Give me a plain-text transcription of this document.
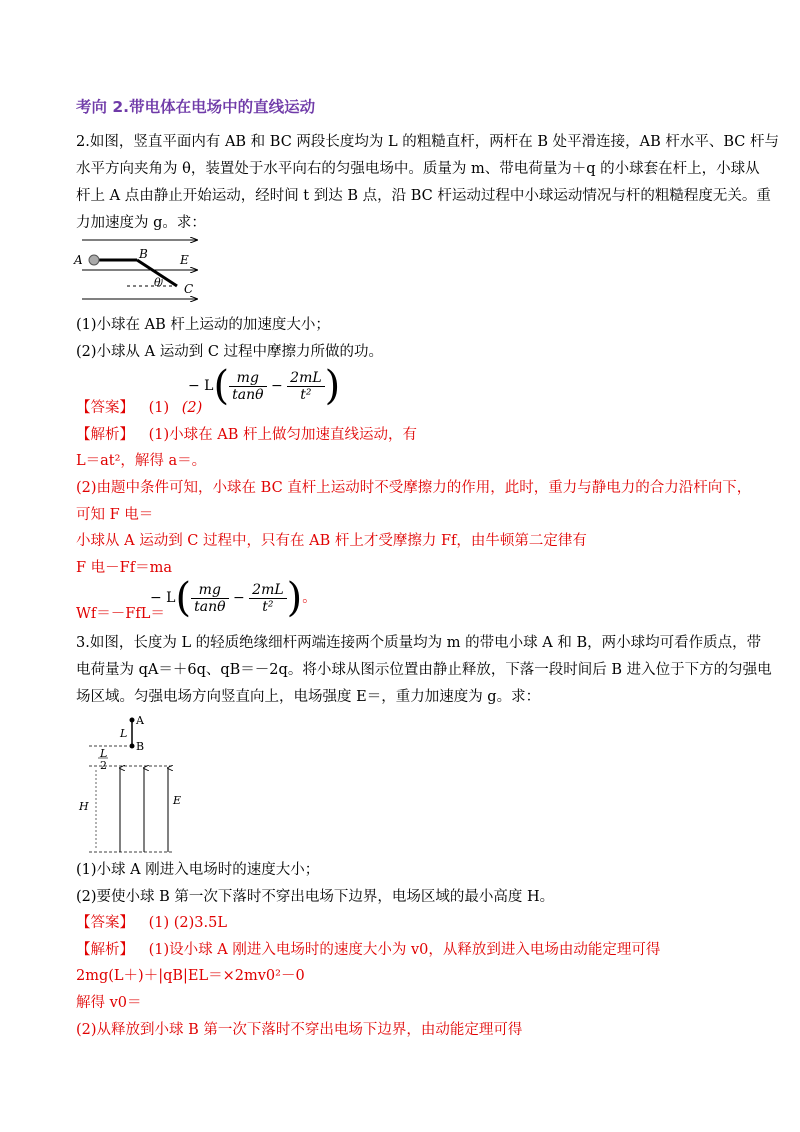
考向 2.带电体在电场中的直线运动
2.如图，竖直平面内有 AB 和 BC 两段长度均为 L 的粗糙直杆，两杆在 B 处平滑连接，AB 杆水平、BC 杆与
水平方向夹角为 θ，装置处于水平向右的匀强电场中。质量为 m、带电荷量为＋q 的小球套在杆上，小球从
杆上 A 点由静止开始运动，经时间 t 到达 B 点，沿 BC 杆运动过程中小球运动情况与杆的粗糙程度无关。重
力加速度为 g。求：
A	B	E
θ C
(1)小球在 AB 杆上运动的加速度大小；
(2)小球从 A 运动到 C 过程中摩擦力所做的功。
− $L( \frac{mg}{\tan\theta} - \frac{2mL}{\text{t²}}$ )
【答案】 (1) (2)
【解析】 (1)小球在 AB 杆上做匀加速直线运动，有
L＝at²，解得 a＝。
(2)由题中条件可知，小球在 BC 直杆上运动时不受摩擦力的作用，此时，重力与静电力的合力沿杆向下，
可知 F 电＝
小球从 A 运动到 C 过程中，只有在 AB 杆上才受摩擦力 Ff，由牛顿第二定律有
F 电－Ff＝ma
Wf＝－FfL＝
− $L( \frac{mg}{\tan\theta} - \frac{2mL}{\text{t²}}$ )。
3.如图，长度为 L 的轻质绝缘细杆两端连接两个质量均为 m 的带电小球 A 和 B，两小球均可看作质点，带
电荷量为 qA＝＋6q、qB＝－2q。将小球从图示位置由静止释放，下落一段时间后 B 进入位于下方的匀强电
场区域。匀强电场方向竖直向上，电场强度 E＝，重力加速度为 g。求：
A
B
L
L
2
H	E
(1)小球 A 刚进入电场时的速度大小；
(2)要使小球 B 第一次下落时不穿出电场下边界，电场区域的最小高度 H。
【答案】 (1) (2)3.5L
【解析】 (1)设小球 A 刚进入电场时的速度大小为 v0，从释放到进入电场由动能定理可得
2mg(L＋)＋|qB|EL＝×2mv0²－0
解得 v0＝
(2)从释放到小球 B 第一次下落时不穿出电场下边界，由动能定理可得
